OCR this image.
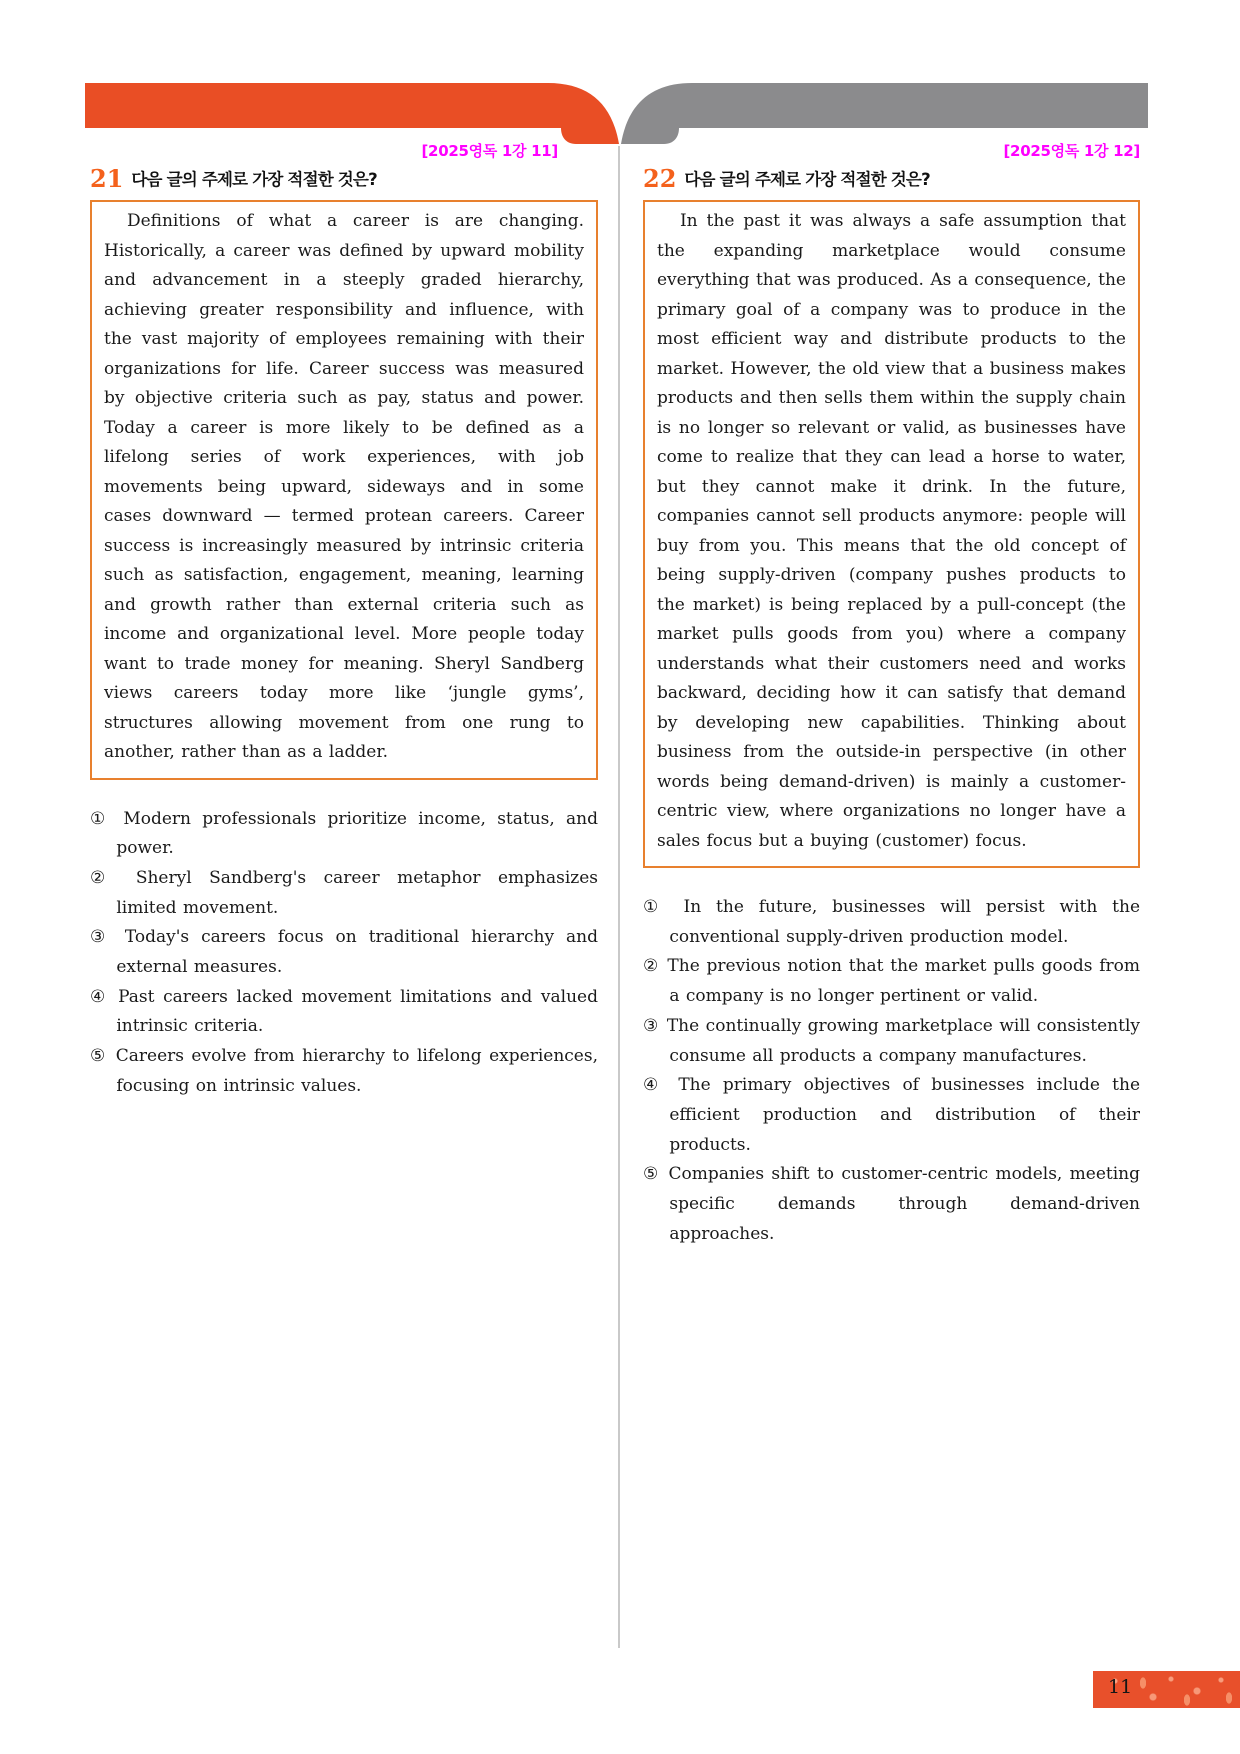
[2025영독 1강 11]
21 다음 글의 주제로 가장 적절한 것은?

Definitions of what a career is are changing. Historically, a career was defined by upward mobility and advancement in a steeply graded hierarchy, achieving greater responsibility and influence, with the vast majority of employees remaining with their organizations for life. Career success was measured by objective criteria such as pay, status and power. Today a career is more likely to be defined as a lifelong series of work experiences, with job movements being upward, sideways and in some cases downward — termed protean careers. Career success is increasingly measured by intrinsic criteria such as satisfaction, engagement, meaning, learning and growth rather than external criteria such as income and organizational level. More people today want to trade money for meaning. Sheryl Sandberg views careers today more like ‘jungle gyms’, structures allowing movement from one rung to another, rather than as a ladder.

① Modern professionals prioritize income, status, and power.
② Sheryl Sandberg's career metaphor emphasizes limited movement.
③ Today's careers focus on traditional hierarchy and external measures.
④ Past careers lacked movement limitations and valued intrinsic criteria.
⑤ Careers evolve from hierarchy to lifelong experiences, focusing on intrinsic values.
[2025영독 1강 12]
22 다음 글의 주제로 가장 적절한 것은?

In the past it was always a safe assumption that the expanding marketplace would consume everything that was produced. As a consequence, the primary goal of a company was to produce in the most efficient way and distribute products to the market. However, the old view that a business makes products and then sells them within the supply chain is no longer so relevant or valid, as businesses have come to realize that they can lead a horse to water, but they cannot make it drink. In the future, companies cannot sell products anymore: people will buy from you. This means that the old concept of being supply-driven (company pushes products to the market) is being replaced by a pull-concept (the market pulls goods from you) where a company understands what their customers need and works backward, deciding how it can satisfy that demand by developing new capabilities. Thinking about business from the outside-in perspective (in other words being demand-driven) is mainly a customer-centric view, where organizations no longer have a sales focus but a buying (customer) focus.

① In the future, businesses will persist with the conventional supply-driven production model.
② The previous notion that the market pulls goods from a company is no longer pertinent or valid.
③ The continually growing marketplace will consistently consume all products a company manufactures.
④ The primary objectives of businesses include the efficient production and distribution of their products.
⑤ Companies shift to customer-centric models, meeting specific demands through demand-driven approaches.
11
